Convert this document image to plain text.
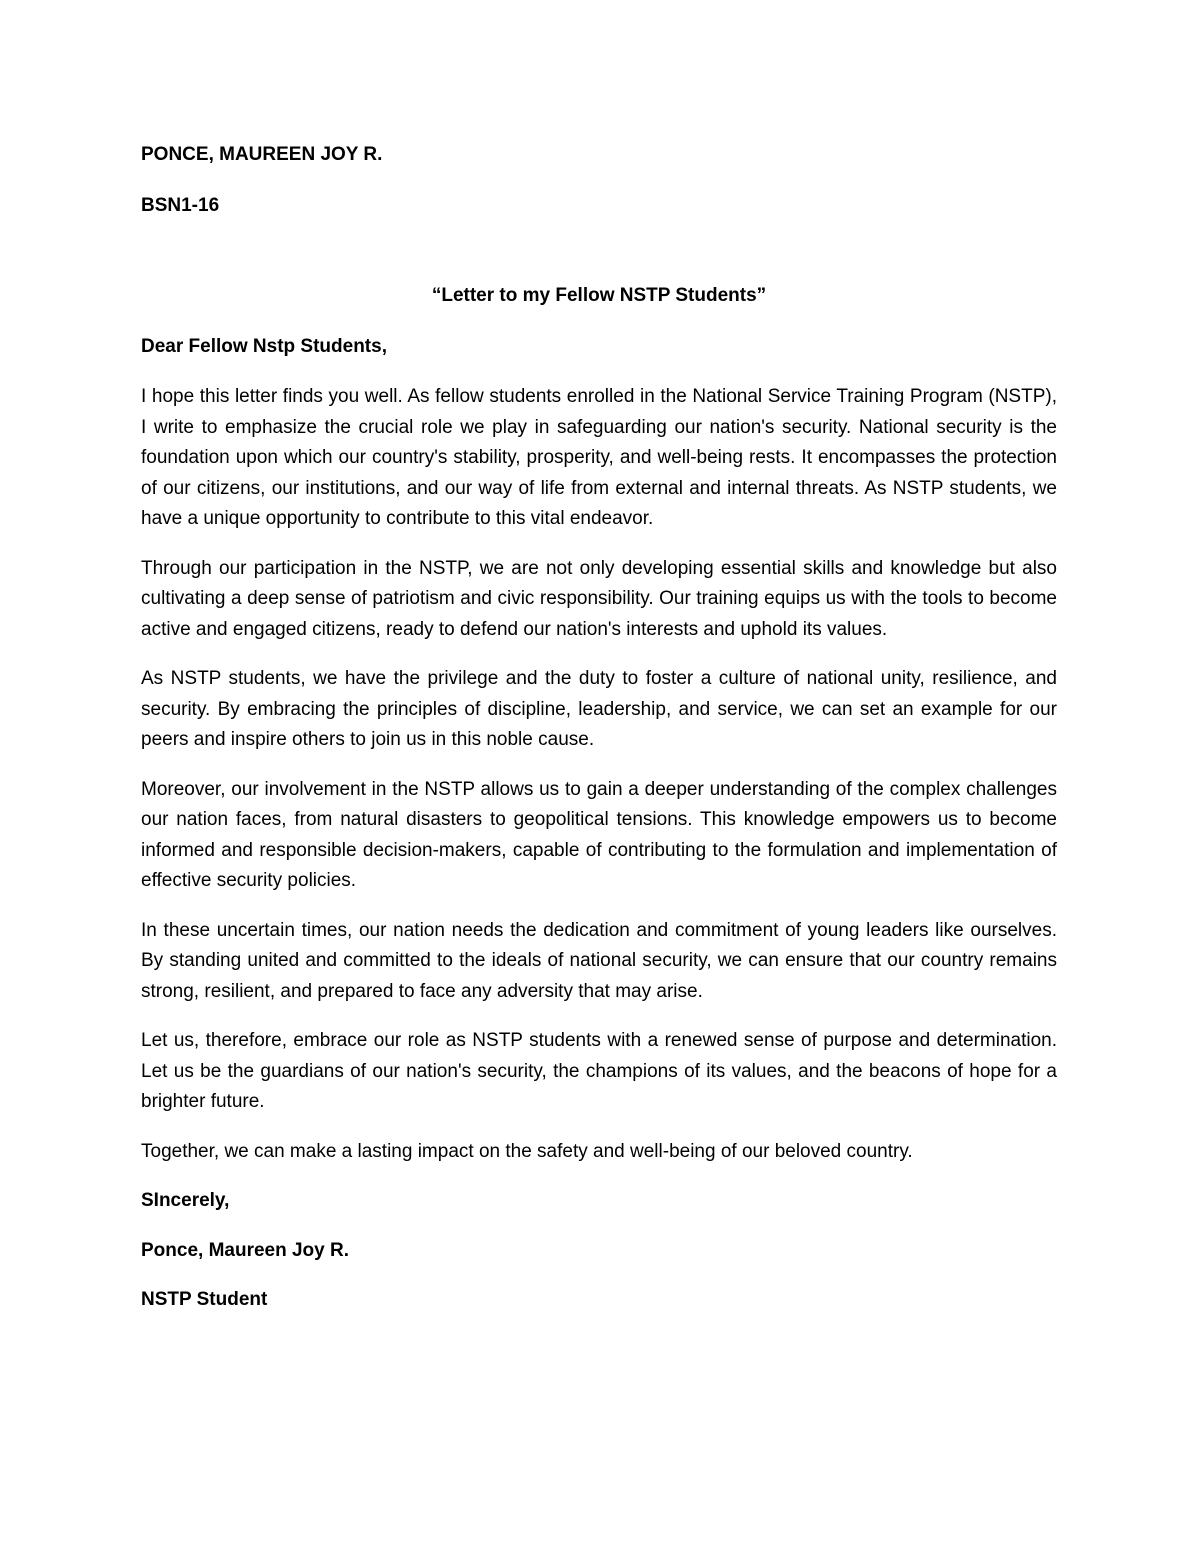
PONCE, MAUREEN JOY R.

BSN1-16

“Letter to my Fellow NSTP Students”

Dear Fellow Nstp Students,

I hope this letter finds you well. As fellow students enrolled in the National Service Training Program (NSTP), I write to emphasize the crucial role we play in safeguarding our nation's security. National security is the foundation upon which our country's stability, prosperity, and well-being rests. It encompasses the protection of our citizens, our institutions, and our way of life from external and internal threats. As NSTP students, we have a unique opportunity to contribute to this vital endeavor.

Through our participation in the NSTP, we are not only developing essential skills and knowledge but also cultivating a deep sense of patriotism and civic responsibility. Our training equips us with the tools to become active and engaged citizens, ready to defend our nation's interests and uphold its values.

As NSTP students, we have the privilege and the duty to foster a culture of national unity, resilience, and security. By embracing the principles of discipline, leadership, and service, we can set an example for our peers and inspire others to join us in this noble cause.

Moreover, our involvement in the NSTP allows us to gain a deeper understanding of the complex challenges our nation faces, from natural disasters to geopolitical tensions. This knowledge empowers us to become informed and responsible decision-makers, capable of contributing to the formulation and implementation of effective security policies.

In these uncertain times, our nation needs the dedication and commitment of young leaders like ourselves. By standing united and committed to the ideals of national security, we can ensure that our country remains strong, resilient, and prepared to face any adversity that may arise.

Let us, therefore, embrace our role as NSTP students with a renewed sense of purpose and determination. Let us be the guardians of our nation's security, the champions of its values, and the beacons of hope for a brighter future.

Together, we can make a lasting impact on the safety and well-being of our beloved country.

SIncerely,

Ponce, Maureen Joy R.

NSTP Student
